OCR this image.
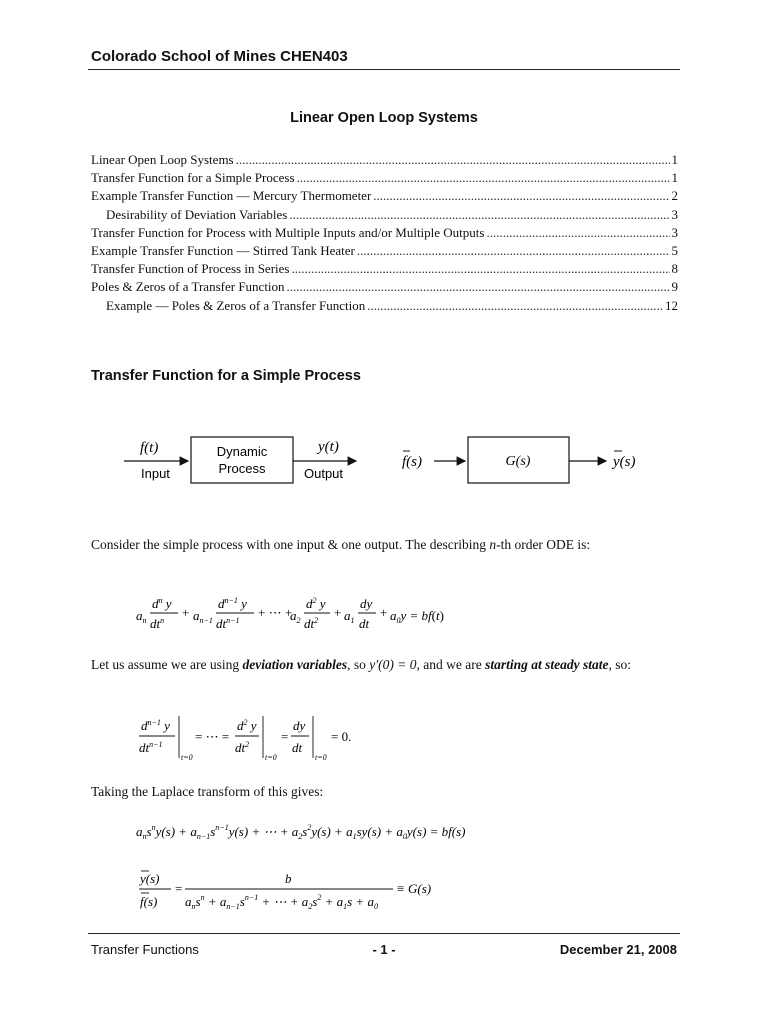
Colorado School of Mines CHEN403
Linear Open Loop Systems
Linear Open Loop Systems .....	1
Transfer Function for a Simple Process .....	1
Example Transfer Function — Mercury Thermometer .....	2
Desirability of Deviation Variables .....	3
Transfer Function for Process with Multiple Inputs and/or Multiple Outputs .....	3
Example Transfer Function — Stirred Tank Heater .....	5
Transfer Function of Process in Series .....	8
Poles & Zeros of a Transfer Function .....	9
Example — Poles & Zeros of a Transfer Function .....	12
Transfer Function for a Simple Process
f(t)
Input
Dynamic
Process
y(t)
Output
f(s)	G(s)	y(s)
Consider the simple process with one input & one output. The describing n-th order ODE is:
$a_n$
$d^n$ y
$dt^n$
+ $a_{n-1}$
$d^{n-1}$ y
$dt^{n-1}$
+ ⋯ +
$a_2$
$d^2$ y
$dt^2$
+ $a_1$
dy
dt
+ $a_0y = bf(t)$
Let us assume we are using deviation variables, so y′(0) = 0, and we are starting at steady state, so:
$d^{n-1}$ y
$dt^{n-1}$
t=0
= ⋯ =
$d^2$ y
$dt^2$
t=0
=
dy
dt
t=0
= 0.
Taking the Laplace transform of this gives:
$a_ns^ny(s) + a_{n-1}s^{n-1}y(s)$ + ⋯ + $a_2s^2y(s) + a_1sy(s) + a_0y(s) = bf(s)$
y(s)
f(s)
=
b
$a_ns^n + a_{n-1}s^{n-1}$ + ⋯ + $a_2s^2 + a_1s + a_0$
≡ G(s)
Transfer Functions	- 1 -	December 21, 2008
